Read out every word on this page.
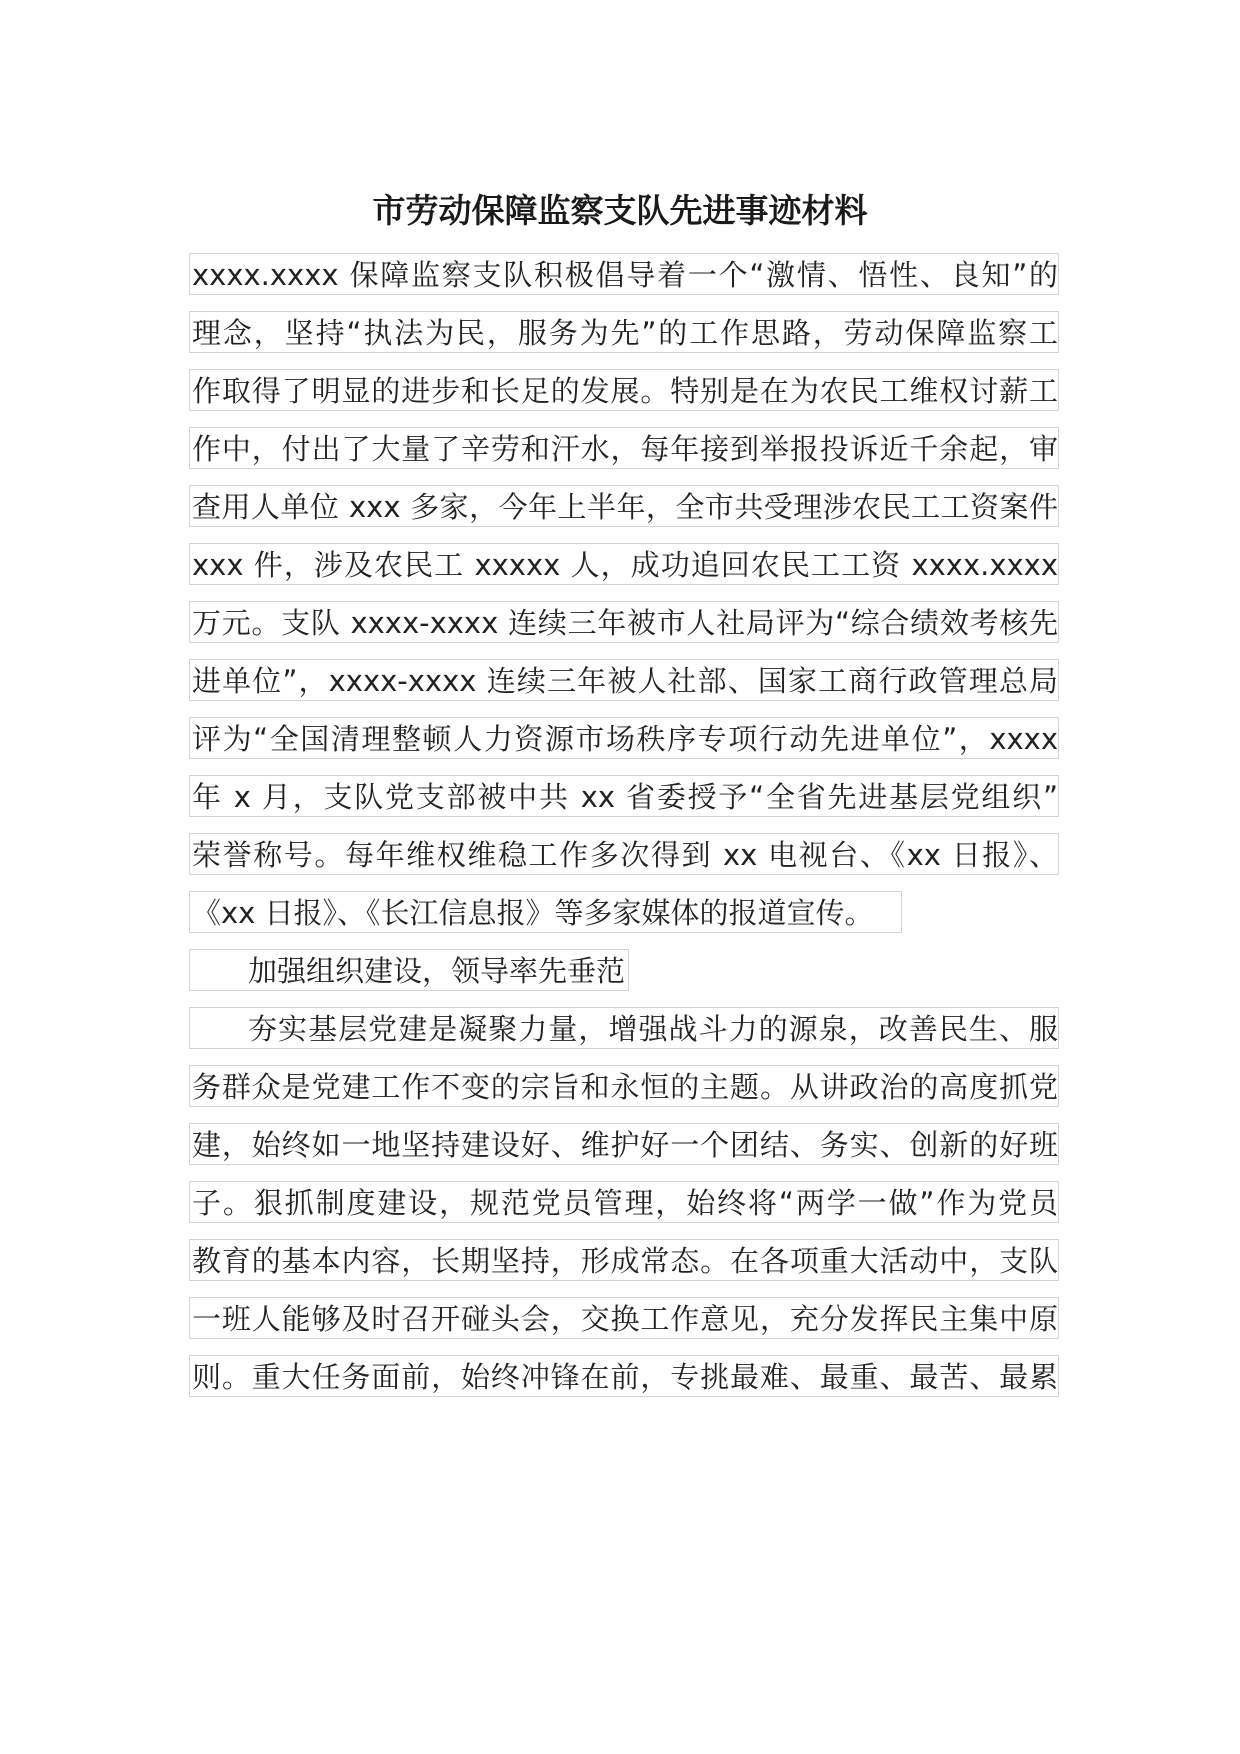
市劳动保障监察支队先进事迹材料
xxxx.xxxx 保障监察支队积极倡导着一个“激情、悟性、良知”的
理念，坚持“执法为民，服务为先”的工作思路，劳动保障监察工
作取得了明显的进步和长足的发展。特别是在为农民工维权讨薪工
作中，付出了大量了辛劳和汗水，每年接到举报投诉近千余起，审
查用人单位 xxx 多家，今年上半年，全市共受理涉农民工工资案件
xxx 件，涉及农民工 xxxxx 人，成功追回农民工工资 xxxx.xxxx
万元。支队 xxxx-xxxx 连续三年被市人社局评为“综合绩效考核先
进单位”，xxxx-xxxx 连续三年被人社部、国家工商行政管理总局
评为“全国清理整顿人力资源市场秩序专项行动先进单位”，xxxx
年 x 月，支队党支部被中共 xx 省委授予“全省先进基层党组织”
荣誉称号。每年维权维稳工作多次得到 xx 电视台、《xx 日报》、
《xx 日报》、《长江信息报》等多家媒体的报道宣传。
加强组织建设，领导率先垂范
夯实基层党建是凝聚力量，增强战斗力的源泉，改善民生、服
务群众是党建工作不变的宗旨和永恒的主题。从讲政治的高度抓党
建，始终如一地坚持建设好、维护好一个团结、务实、创新的好班
子。狠抓制度建设，规范党员管理，始终将“两学一做”作为党员
教育的基本内容，长期坚持，形成常态。在各项重大活动中，支队
一班人能够及时召开碰头会，交换工作意见，充分发挥民主集中原
则。重大任务面前，始终冲锋在前，专挑最难、最重、最苦、最累
